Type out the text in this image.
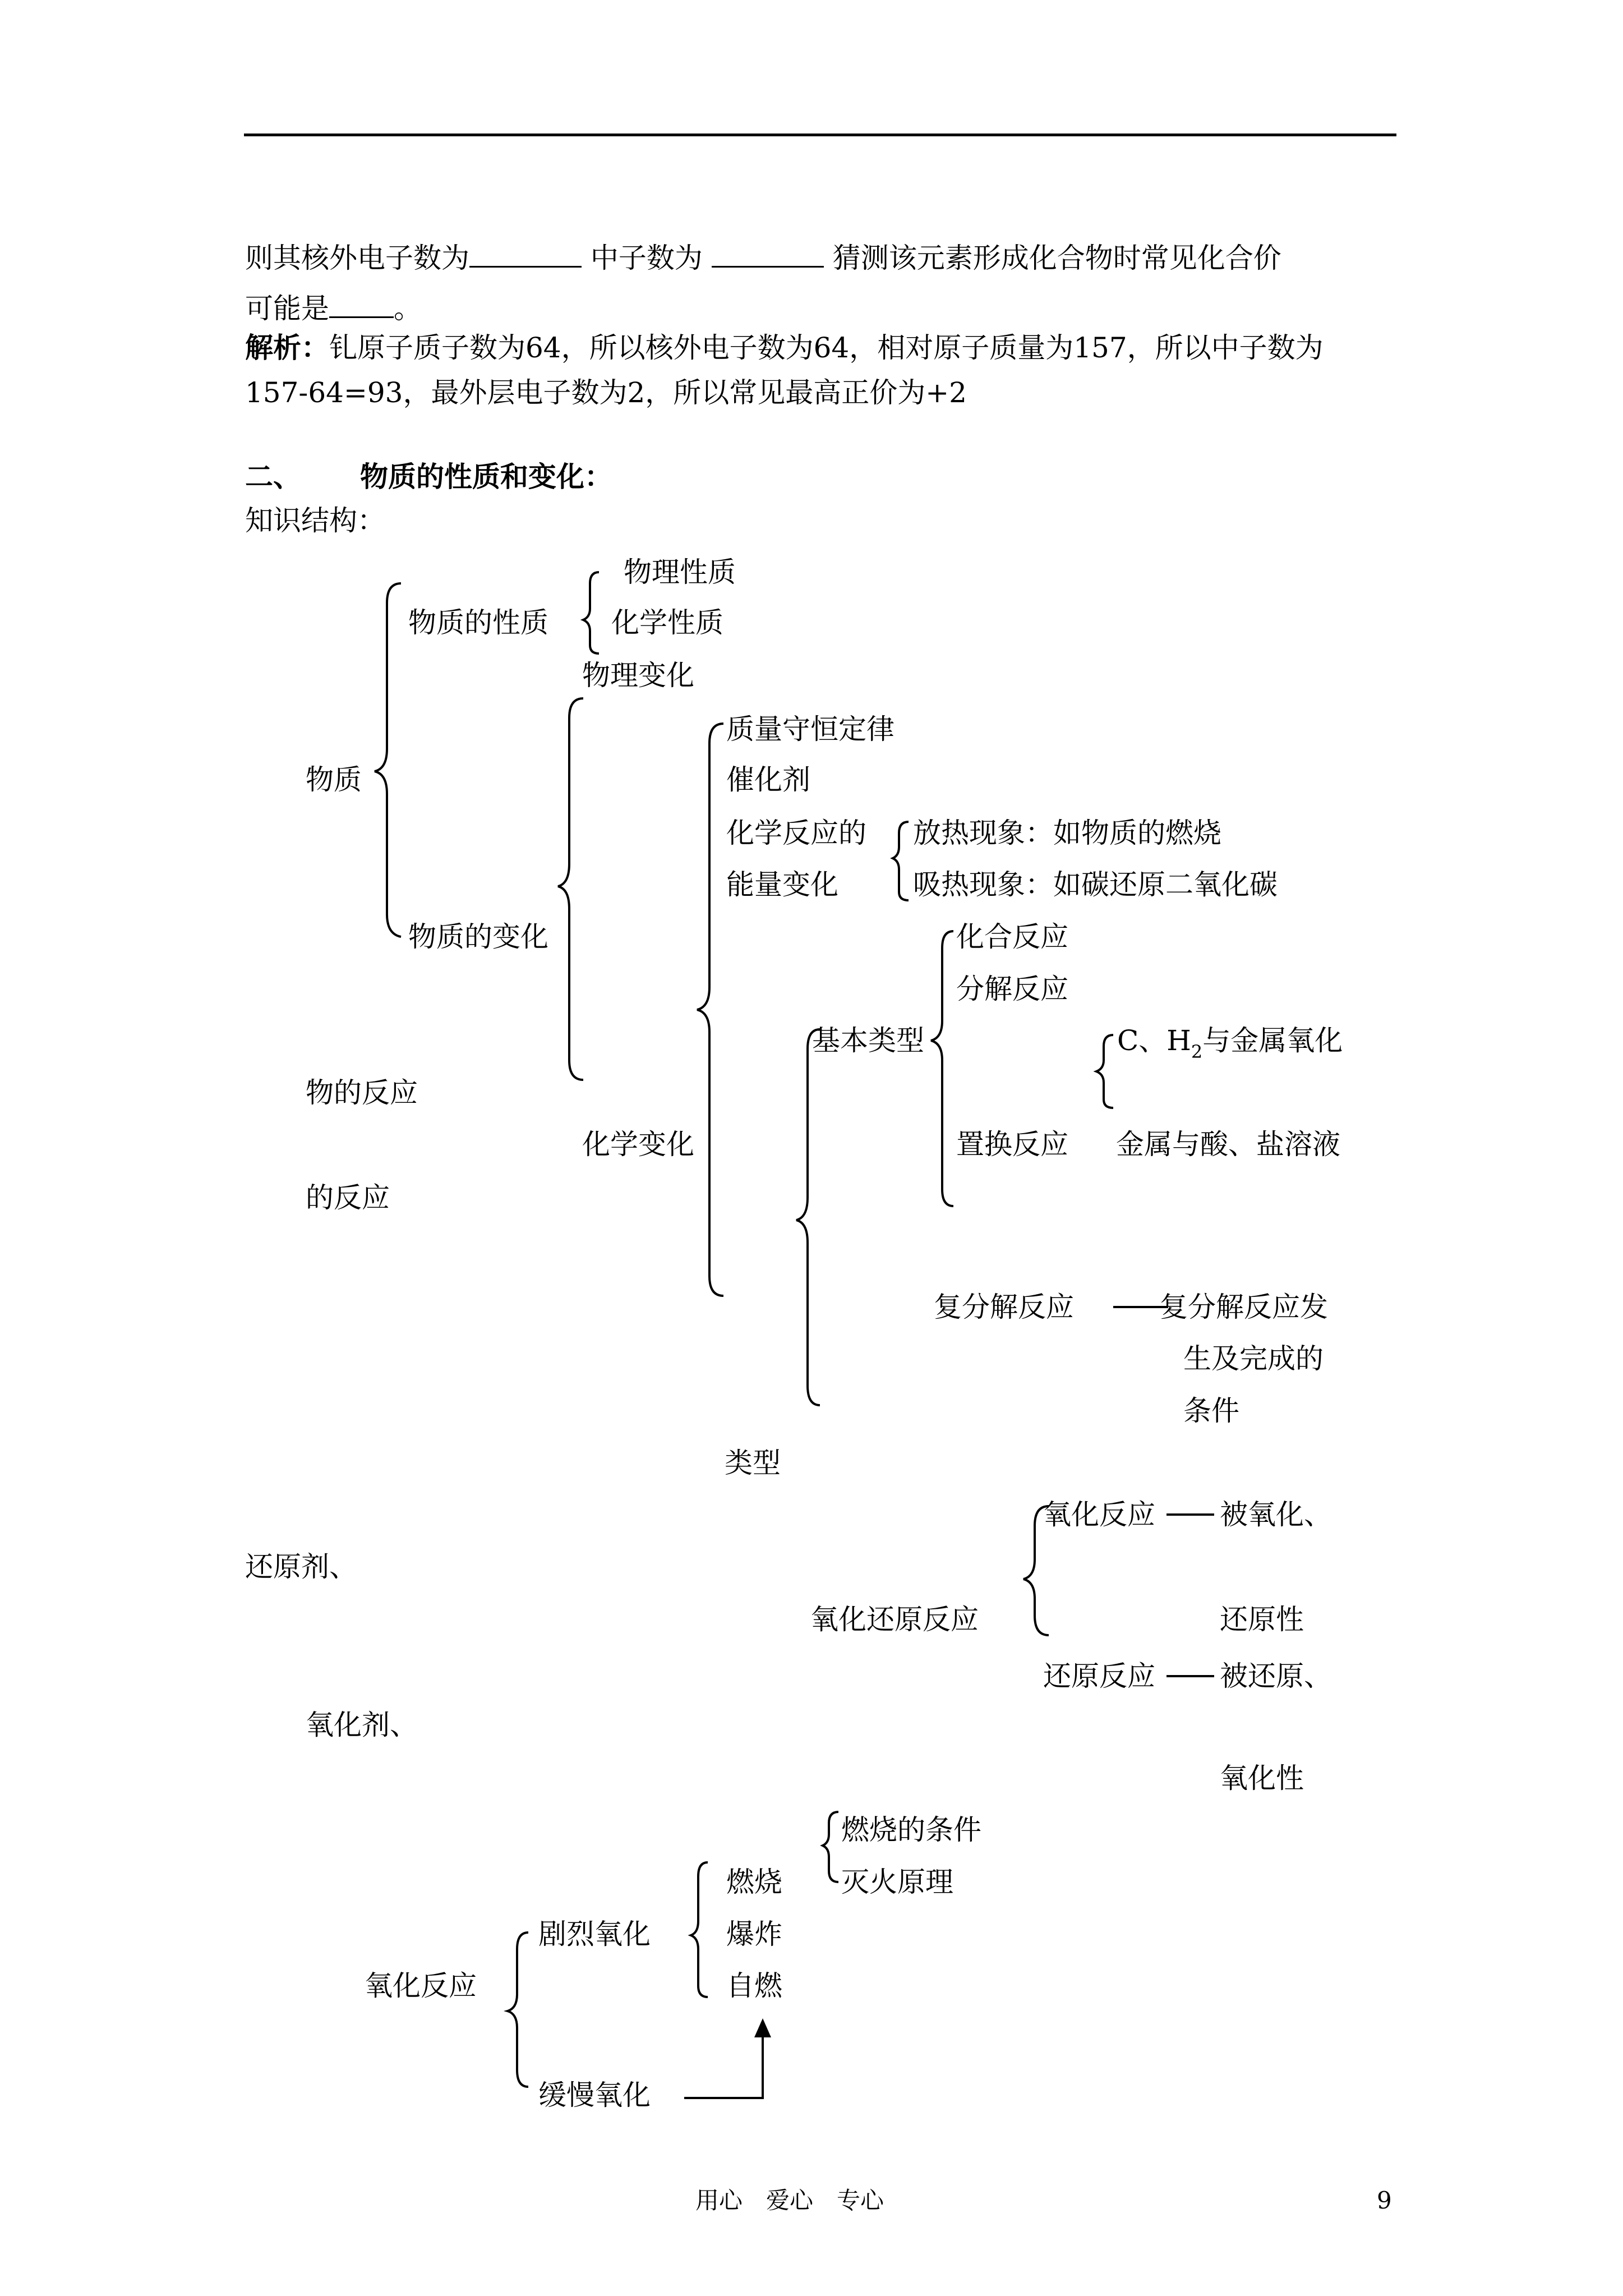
则其核外电子数为	中子数为	猜测该元素形成化合物时常见化合价
可能是 。
解析：钆原子质子数为64，所以核外电子数为64，相对原子质量为157，所以中子数为
157-64=93，最外层电子数为2，所以常见最高正价为+2
二、 物质的性质和变化：
知识结构：
物质的性质
物理性质
化学性质
物理变化
物质
质量守恒定律
催化剂
化学反应的
能量变化
放热现象：如物质的燃烧
吸热现象：如碳还原二氧化碳
物质的变化	化合反应
分解反应
基本类型	C、$H_2$与金属氧化
物的反应
置换反应
化学变化	金属与酸、盐溶液
的反应
复分解反应	复分解反应发
生及完成的
条件
类型
氧化反应 被氧化、
还原剂、
氧化还原反应	还原性
还原反应 被还原、
氧化剂、
氧化性
燃烧的条件
燃烧 灭火原理
剧烈氧化	爆炸
氧化反应	自燃
缓慢氧化
用心　爱心　专心	9
